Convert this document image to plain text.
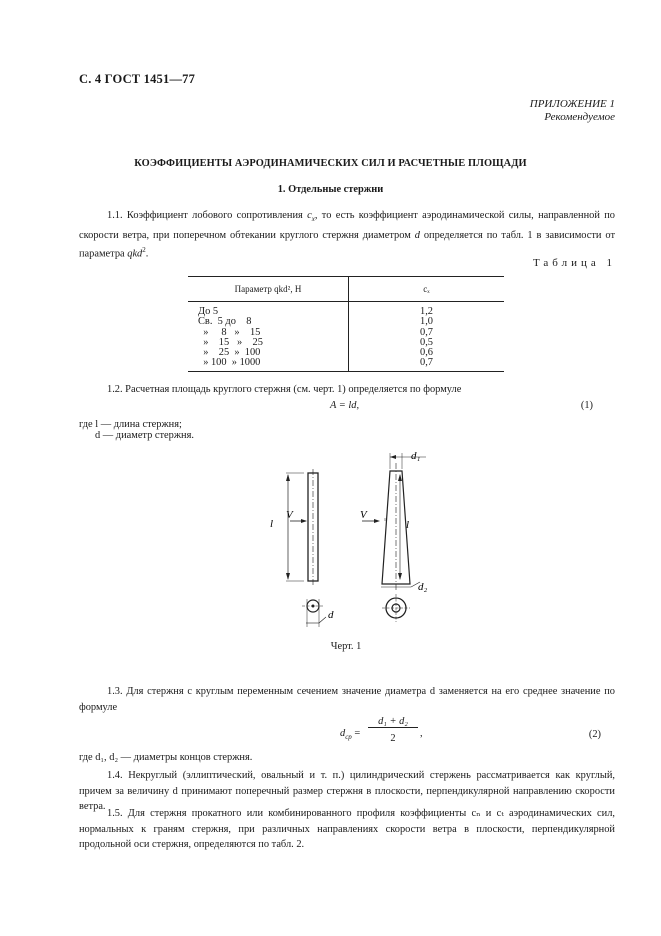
С. 4 ГОСТ 1451—77
ПРИЛОЖЕНИЕ 1
Рекомендуемое
КОЭФФИЦИЕНТЫ АЭРОДИНАМИЧЕСКИХ СИЛ И РАСЧЕТНЫЕ ПЛОЩАДИ
1. Отдельные стержни
1.1. Коэффициент лобового сопротивления $c_x$, то есть коэффициент аэродинамической силы, направленной по скорости ветра, при поперечном обтекании круглого стержня диаметром d определяется по табл. 1 в зависимости от параметра qkd$^2$.
Таблица 1
Параметр qkd², Н	cₓ
До 5	1,2
Св.  5 до    8	1,0
»     8   »    15	0,7
»    15   »    25	0,5
»    25  »  100	0,6
» 100  » 1000	0,7
1.2. Расчетная площадь круглого стержня (см. черт. 1) определяется по формуле
A = ld,	(1)
где l — длина стержня;
d — диаметр стержня.
l
V
d
d₁
d₂
l
V
Черт. 1
1.3. Для стержня с круглым переменным сечением значение диаметра d заменяется на его среднее значение по формуле
$d_{ср}$ =
d₁ + d₂
2	,	(2)
где d₁, d₂ — диаметры концов стержня.
1.4. Некруглый (эллиптический, овальный и т. п.) цилиндрический стержень рассматривается как круглый, причем за величину d принимают поперечный размер стержня в плоскости, перпендикулярной направлению скорости ветра.
1.5. Для стержня прокатного или комбинированного профиля коэффициенты cₙ и cₜ аэродинамических сил, нормальных к граням стержня, при различных направлениях скорости ветра в плоскости, перпендикулярной продольной оси стержня, определяются по табл. 2.
